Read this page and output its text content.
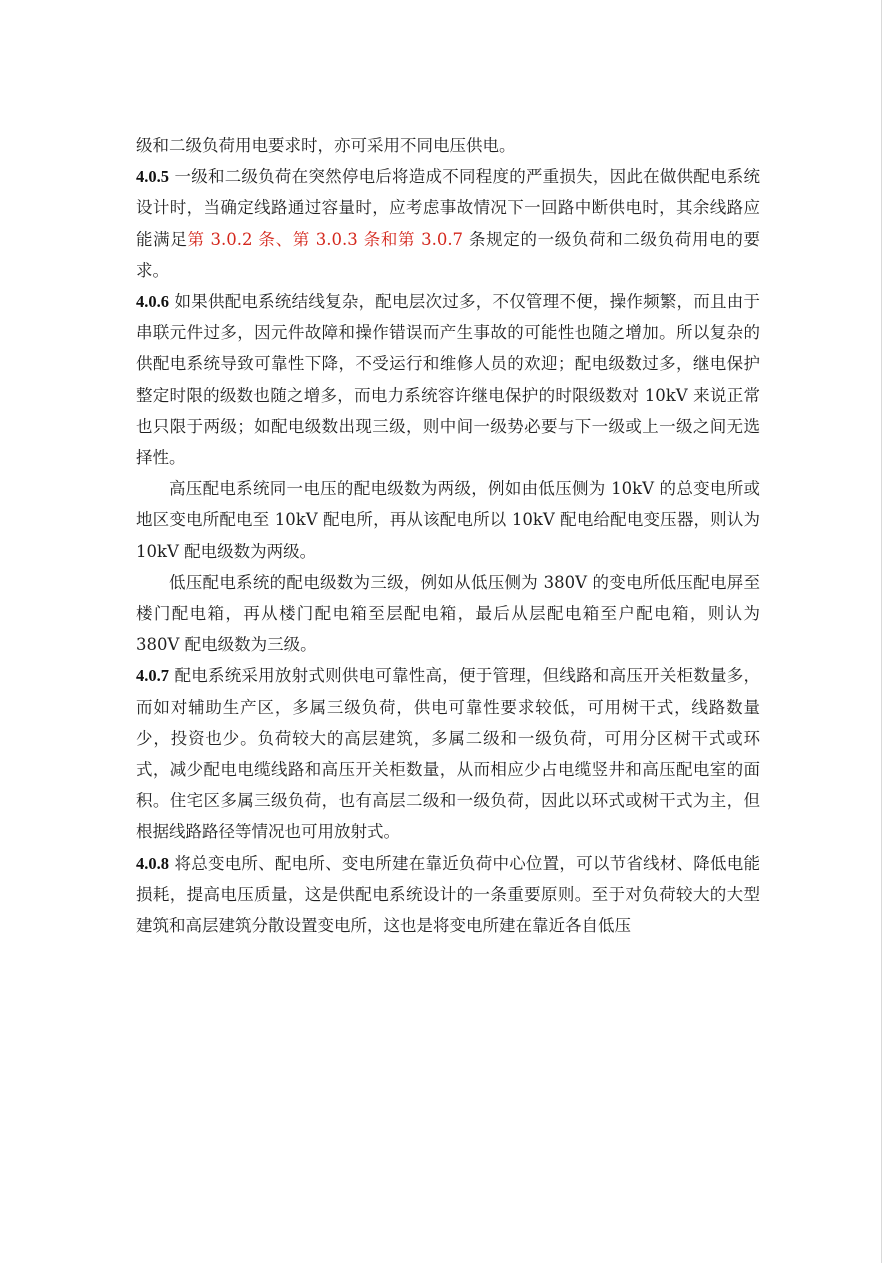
级和二级负荷用电要求时，亦可采用不同电压供电。

4.0.5 一级和二级负荷在突然停电后将造成不同程度的严重损失，因此在做供配电系统设计时，当确定线路通过容量时，应考虑事故情况下一回路中断供电时，其余线路应能满足第 3.0.2 条、第 3.0.3 条和第 3.0.7 条规定的一级负荷和二级负荷用电的要求。

4.0.6 如果供配电系统结线复杂，配电层次过多，不仅管理不便，操作频繁，而且由于串联元件过多，因元件故障和操作错误而产生事故的可能性也随之增加。所以复杂的供配电系统导致可靠性下降，不受运行和维修人员的欢迎；配电级数过多，继电保护整定时限的级数也随之增多，而电力系统容许继电保护的时限级数对 10kV 来说正常也只限于两级；如配电级数出现三级，则中间一级势必要与下一级或上一级之间无选择性。

高压配电系统同一电压的配电级数为两级，例如由低压侧为 10kV 的总变电所或地区变电所配电至 10kV 配电所，再从该配电所以 10kV 配电给配电变压器，则认为 10kV 配电级数为两级。

低压配电系统的配电级数为三级，例如从低压侧为 380V 的变电所低压配电屏至楼门配电箱，再从楼门配电箱至层配电箱，最后从层配电箱至户配电箱，则认为 380V 配电级数为三级。

4.0.7 配电系统采用放射式则供电可靠性高，便于管理，但线路和高压开关柜数量多，而如对辅助生产区，多属三级负荷，供电可靠性要求较低，可用树干式，线路数量少，投资也少。负荷较大的高层建筑，多属二级和一级负荷，可用分区树干式或环式，减少配电电缆线路和高压开关柜数量，从而相应少占电缆竖井和高压配电室的面积。住宅区多属三级负荷，也有高层二级和一级负荷，因此以环式或树干式为主，但根据线路路径等情况也可用放射式。

4.0.8 将总变电所、配电所、变电所建在靠近负荷中心位置，可以节省线材、降低电能损耗，提高电压质量，这是供配电系统设计的一条重要原则。至于对负荷较大的大型建筑和高层建筑分散设置变电所，这也是将变电所建在靠近各自低压
